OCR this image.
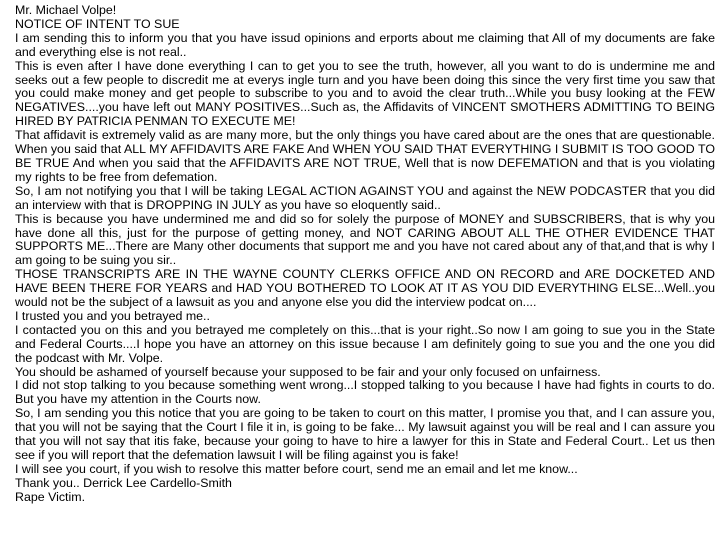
Mr. Michael Volpe!

NOTICE OF INTENT TO SUE

I am sending this to inform you that you have issud opinions and erports about me claiming that All of my documents are fake and everything else is not real..

This is even after I have done everything I can to get you to see the truth, however, all you want to do is undermine me and seeks out a few people to discredit me at everys ingle turn and you have been doing this since the very first time you saw that you could make money and get people to subscribe to you and to avoid the clear truth...While you busy looking at the FEW NEGATIVES....you have left out MANY POSITIVES...Such as, the Affidavits of VINCENT SMOTHERS ADMITTING TO BEING HIRED BY PATRICIA PENMAN TO EXECUTE ME!

That affidavit is extremely valid as are many more, but the only things you have cared about are the ones that are questionable. When you said that ALL MY AFFIDAVITS ARE FAKE And WHEN YOU SAID THAT EVERYTHING I SUBMIT IS TOO GOOD TO BE TRUE And when you said that the AFFIDAVITS ARE NOT TRUE, Well that is now DEFEMATION and that is you violating my rights to be free from defemation.

So, I am not notifying you that I will be taking LEGAL ACTION AGAINST YOU and against the NEW PODCASTER that you did an interview with that is DROPPING IN JULY as you have so eloquently said..

This is because you have undermined me and did so for solely the purpose of MONEY and SUBSCRIBERS, that is why you have done all this, just for the purpose of getting money, and NOT CARING ABOUT ALL THE OTHER EVIDENCE THAT SUPPORTS ME...There are Many other documents that support me and you have not cared about any of that,and that is why I am going to be suing you sir..

THOSE TRANSCRIPTS ARE IN THE WAYNE COUNTY CLERKS OFFICE AND ON RECORD and ARE DOCKETED AND HAVE BEEN THERE FOR YEARS and HAD YOU BOTHERED TO LOOK AT IT AS YOU DID EVERYTHING ELSE...Well..you would not be the subject of a lawsuit as you and anyone else you did the interview podcat on....

I trusted you and you betrayed me..

I contacted you on this and you betrayed me completely on this...that is your right..So now I am going to sue you in the State and Federal Courts....I hope you have an attorney on this issue because I am definitely going to sue you and the one you did the podcast with Mr. Volpe.

You should be ashamed of yourself because your supposed to be fair and your only focused on unfairness.

I did not stop talking to you because something went wrong...I stopped talking to you because I have had fights in courts to do. But you have my attention in the Courts now.

So, I am sending you this notice that you are going to be taken to court on this matter, I promise you that, and I can assure you, that you will not be saying that the Court I file it in, is going to be fake... My lawsuit against you will be real and I can assure you that you will not say that itis fake, because your going to have to hire a lawyer for this in State and Federal Court.. Let us then see if you will report that the defemation lawsuit I will be filing against you is fake!

I will see you court, if you wish to resolve this matter before court, send me an email and let me know...

Thank you.. Derrick Lee Cardello-Smith

Rape Victim.
